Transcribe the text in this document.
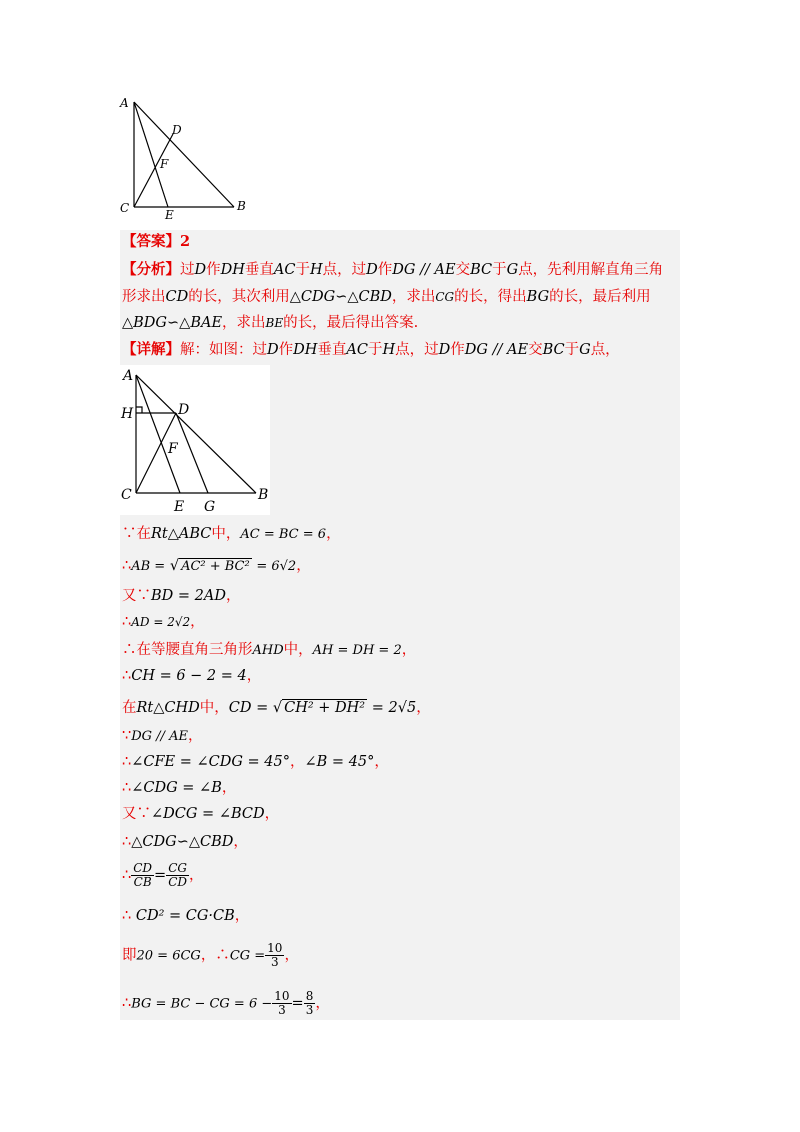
A
D
F
C	E
B
【答案】2
【分析】过D作DH垂直AC于H点，过D作DG // AE交BC于G点，先利用解直角三角
形求出CD的长，其次利用△CDG∽△CBD，求出CG的长，得出BG的长，最后利用
△BDG∽△BAE，求出BE的长，最后得出答案.
【详解】解：如图：过D作DH垂直AC于H点，过D作DG // AE交BC于G点，
A
H	D
F
C
E G
B
∵在Rt△ABC中，AC = BC = 6，
∴AB = √ AC² + BC² = 6√2，
又∵BD = 2AD，
∴AD = 2√2，
∴在等腰直角三角形AHD中，AH = DH = 2，
∴CH = 6 − 2 = 4，
在Rt△CHD中，CD = √ CH² + DH² = 2√5，
∵DG // AE，
∴∠CFE = ∠CDG = 45°，∠B = 45°，
∴∠CDG = ∠B，
又∵∠DCG = ∠BCD，
∴△CDG∽△CBD，
∴ $\frac{CD}{CB} = \frac{CG}{CD}$ ，
∴ CD² = CG·CB，
即20 = 6CG，∴CG = $\frac{10}{3}$ ，
∴BG = BC − CG = $6 - \frac{10}{3} = \frac{8}{3}$ ，
